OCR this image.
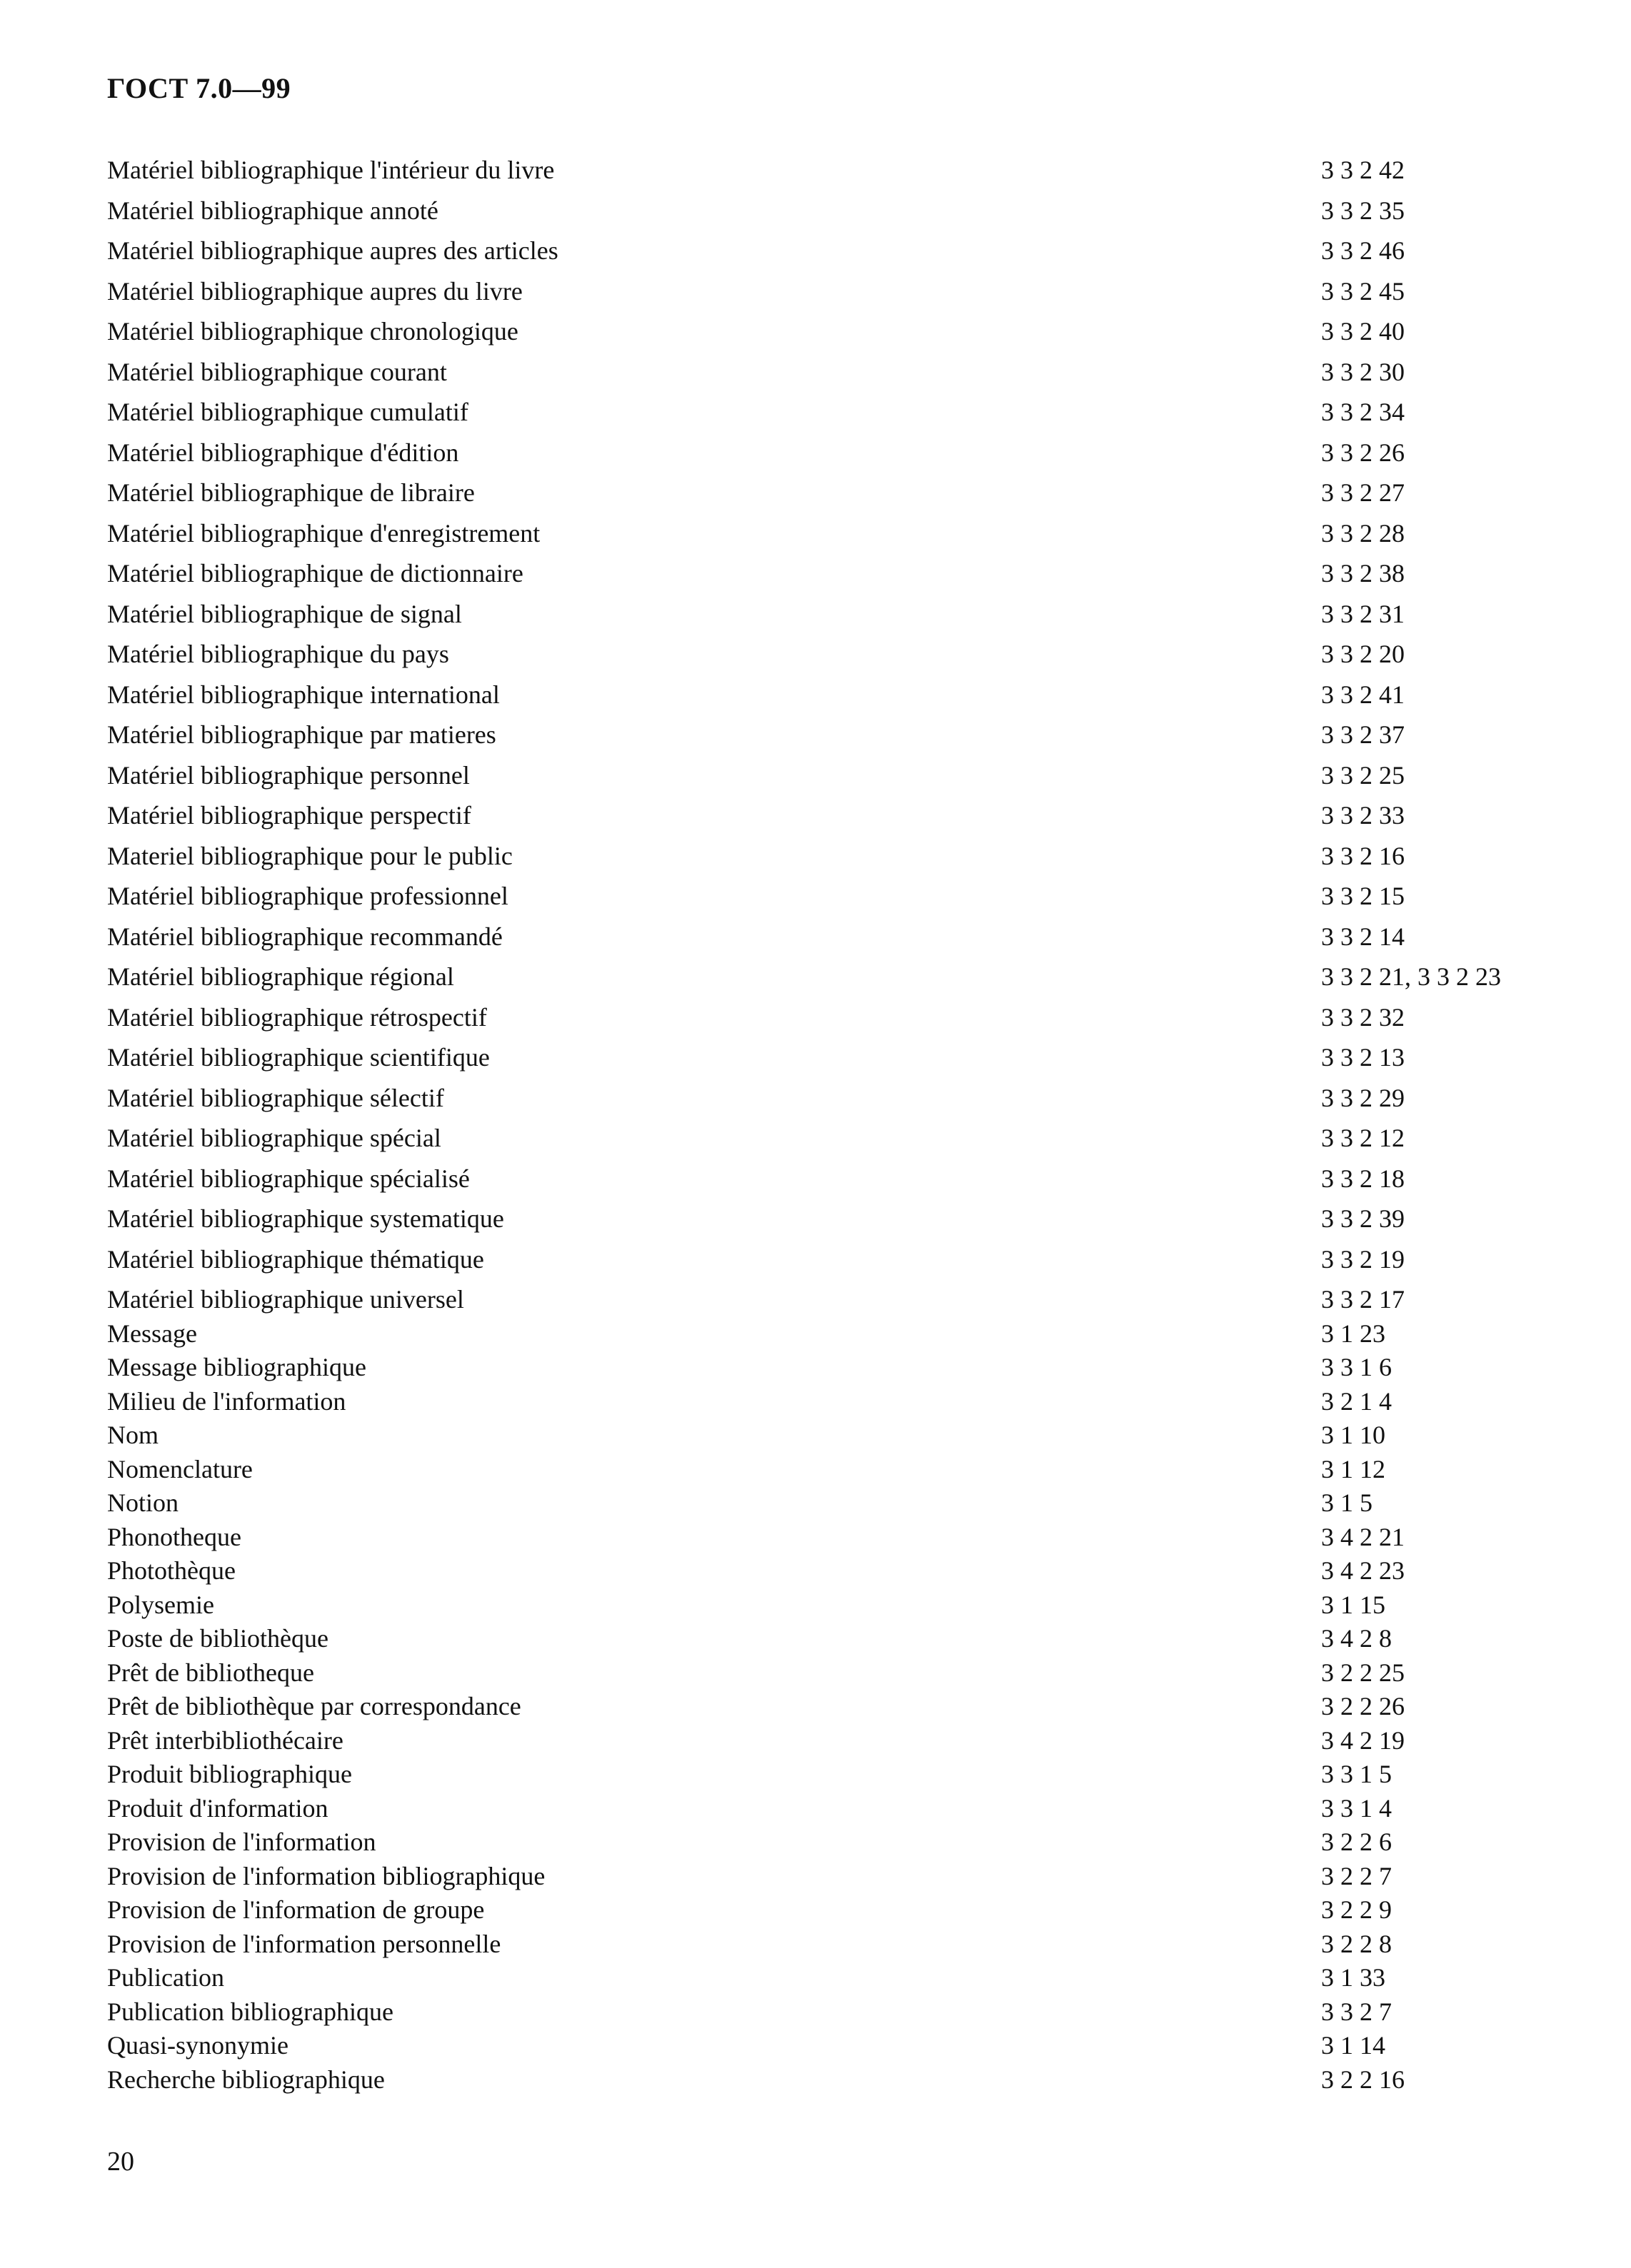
ГОСТ 7.0—99
Matériel bibliographique l'intérieur du livre	3 3 2 42
Matériel bibliographique annoté	3 3 2 35
Matériel bibliographique aupres des articles	3 3 2 46
Matériel bibliographique aupres du livre	3 3 2 45
Matériel bibliographique chronologique	3 3 2 40
Matériel bibliographique courant	3 3 2 30
Matériel bibliographique cumulatif	3 3 2 34
Matériel bibliographique d'édition	3 3 2 26
Matériel bibliographique de libraire	3 3 2 27
Matériel bibliographique d'enregistrement	3 3 2 28
Matériel bibliographique de dictionnaire	3 3 2 38
Matériel bibliographique de signal	3 3 2 31
Matériel bibliographique du pays	3 3 2 20
Matériel bibliographique international	3 3 2 41
Matériel bibliographique par matieres	3 3 2 37
Matériel bibliographique personnel	3 3 2 25
Matériel bibliographique perspectif	3 3 2 33
Materiel bibliographique pour le public	3 3 2 16
Matériel bibliographique professionnel	3 3 2 15
Matériel bibliographique recommandé	3 3 2 14
Matériel bibliographique régional	3 3 2 21, 3 3 2 23
Matériel bibliographique rétrospectif	3 3 2 32
Matériel bibliographique scientifique	3 3 2 13
Matériel bibliographique sélectif	3 3 2 29
Matériel bibliographique spécial	3 3 2 12
Matériel bibliographique spécialisé	3 3 2 18
Matériel bibliographique systematique	3 3 2 39
Matériel bibliographique thématique	3 3 2 19
Matériel bibliographique universel	3 3 2 17
Message	3 1 23
Message bibliographique	3 3 1 6
Milieu de l'information	3 2 1 4
Nom	3 1 10
Nomenclature	3 1 12
Notion	3 1 5
Phonotheque	3 4 2 21
Photothèque	3 4 2 23
Polysemie	3 1 15
Poste de bibliothèque	3 4 2 8
Prêt de bibliotheque	3 2 2 25
Prêt de bibliothèque par correspondance	3 2 2 26
Prêt interbibliothécaire	3 4 2 19
Produit bibliographique	3 3 1 5
Produit d'information	3 3 1 4
Provision de l'information	3 2 2 6
Provision de l'information bibliographique	3 2 2 7
Provision de l'information de groupe	3 2 2 9
Provision de l'information personnelle	3 2 2 8
Publication	3 1 33
Publication bibliographique	3 3 2 7
Quasi-synonymie	3 1 14
Recherche bibliographique	3 2 2 16
20
